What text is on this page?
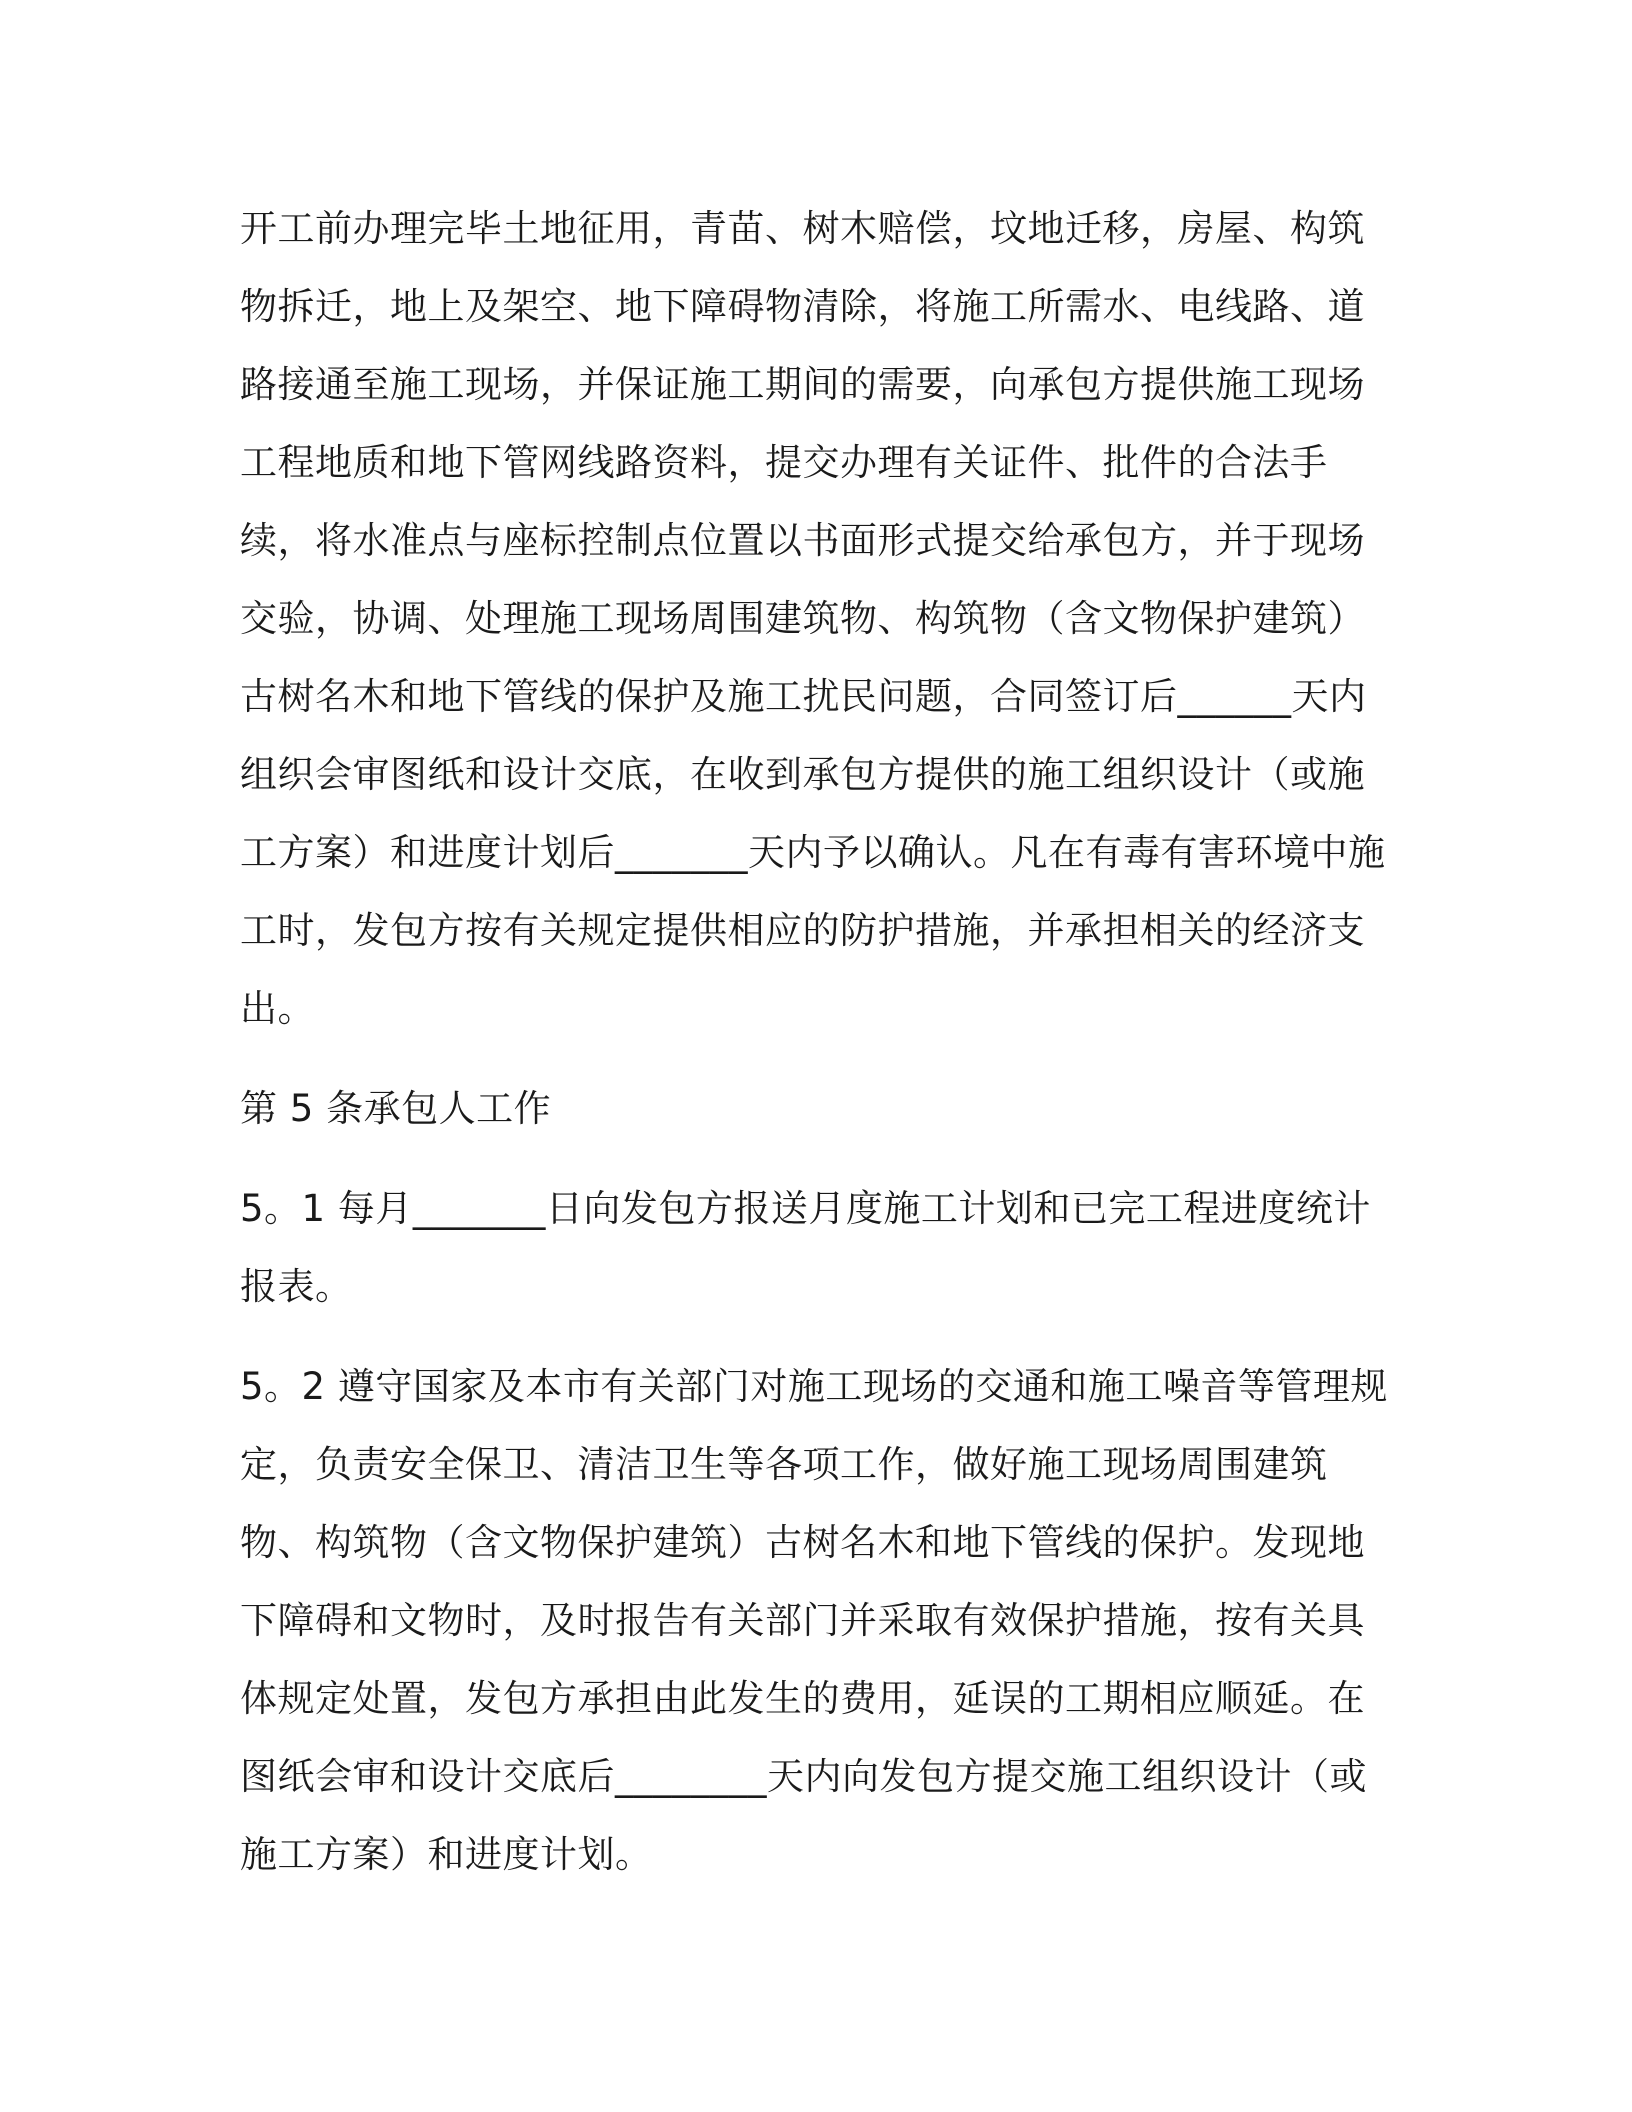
开工前办理完毕土地征用，青苗、树木赔偿，坟地迁移，房屋、构筑物拆迁，地上及架空、地下障碍物清除，将施工所需水、电线路、道路接通至施工现场，并保证施工期间的需要，向承包方提供施工现场工程地质和地下管网线路资料，提交办理有关证件、批件的合法手续，将水准点与座标控制点位置以书面形式提交给承包方，并于现场交验，协调、处理施工现场周围建筑物、构筑物（含文物保护建筑）古树名木和地下管线的保护及施工扰民问题，合同签订后______天内组织会审图纸和设计交底，在收到承包方提供的施工组织设计（或施工方案）和进度计划后_______天内予以确认。凡在有毒有害环境中施工时，发包方按有关规定提供相应的防护措施，并承担相关的经济支出。

第 5 条承包人工作

5。1 每月_______日向发包方报送月度施工计划和已完工程进度统计报表。

5。2 遵守国家及本市有关部门对施工现场的交通和施工噪音等管理规定，负责安全保卫、清洁卫生等各项工作，做好施工现场周围建筑物、构筑物（含文物保护建筑）古树名木和地下管线的保护。发现地下障碍和文物时，及时报告有关部门并采取有效保护措施，按有关具体规定处置，发包方承担由此发生的费用，延误的工期相应顺延。在图纸会审和设计交底后________天内向发包方提交施工组织设计（或施工方案）和进度计划。
